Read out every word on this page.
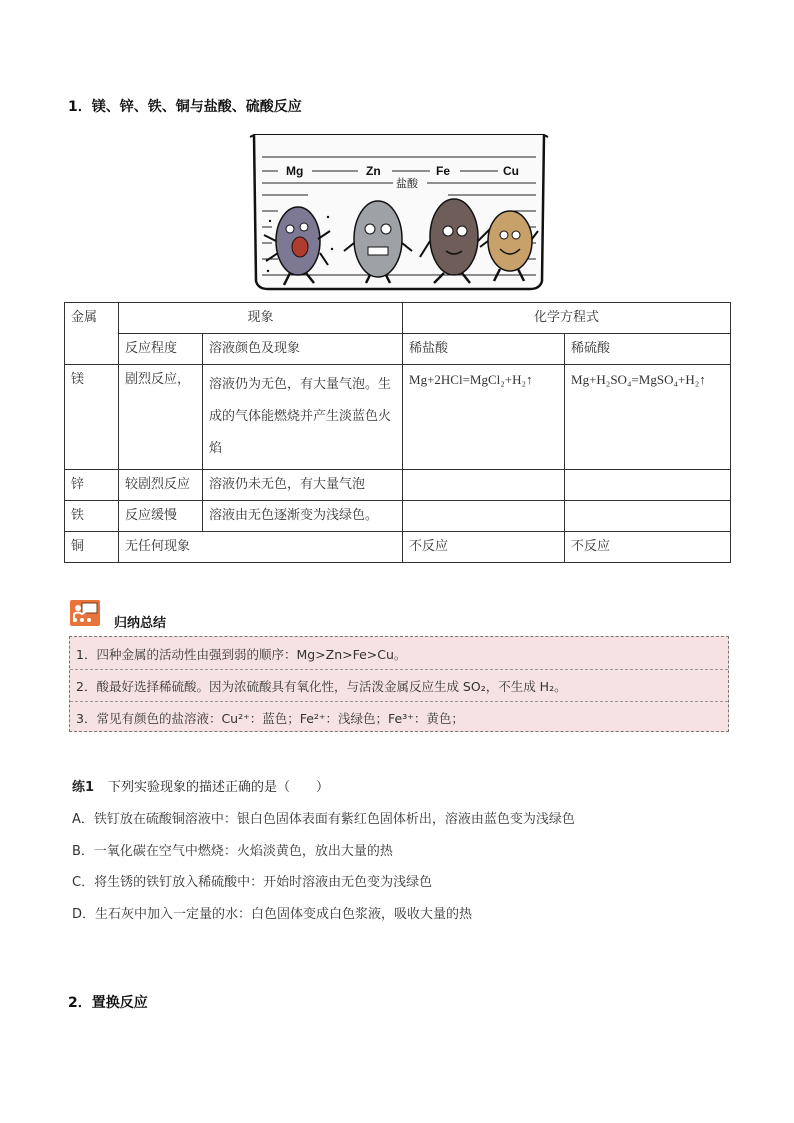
1．镁、锌、铁、铜与盐酸、硫酸反应
Mg	Zn	Fe	Cu
盐酸
金属	现象		化学方程式	
	反应程度	溶液颜色及现象	稀盐酸	稀硫酸
镁	剧烈反应，	溶液仍为无色，有大量气泡。生成的气体能燃烧并产生淡蓝色火焰	Mg+2HCl=MgCl₂+H₂↑	Mg+H₂SO₄=MgSO₄+H₂↑
锌	较剧烈反应	溶液仍未无色，有大量气泡		
铁	反应缓慢	溶液由无色逐渐变为浅绿色。		
铜	无任何现象		不反应	不反应
归纳总结
1．四种金属的活动性由强到弱的顺序：Mg>Zn>Fe>Cu。
2．酸最好选择稀硫酸。因为浓硫酸具有氧化性，与活泼金属反应生成 SO₂，不生成 H₂。
3．常见有颜色的盐溶液：Cu²⁺：蓝色；Fe²⁺：浅绿色；Fe³⁺：黄色；
练1 下列实验现象的描述正确的是（　　）
A．铁钉放在硫酸铜溶液中：银白色固体表面有紫红色固体析出，溶液由蓝色变为浅绿色
B．一氧化碳在空气中燃烧：火焰淡黄色，放出大量的热
C．将生锈的铁钉放入稀硫酸中：开始时溶液由无色变为浅绿色
D．生石灰中加入一定量的水：白色固体变成白色浆液，吸收大量的热
2．置换反应
